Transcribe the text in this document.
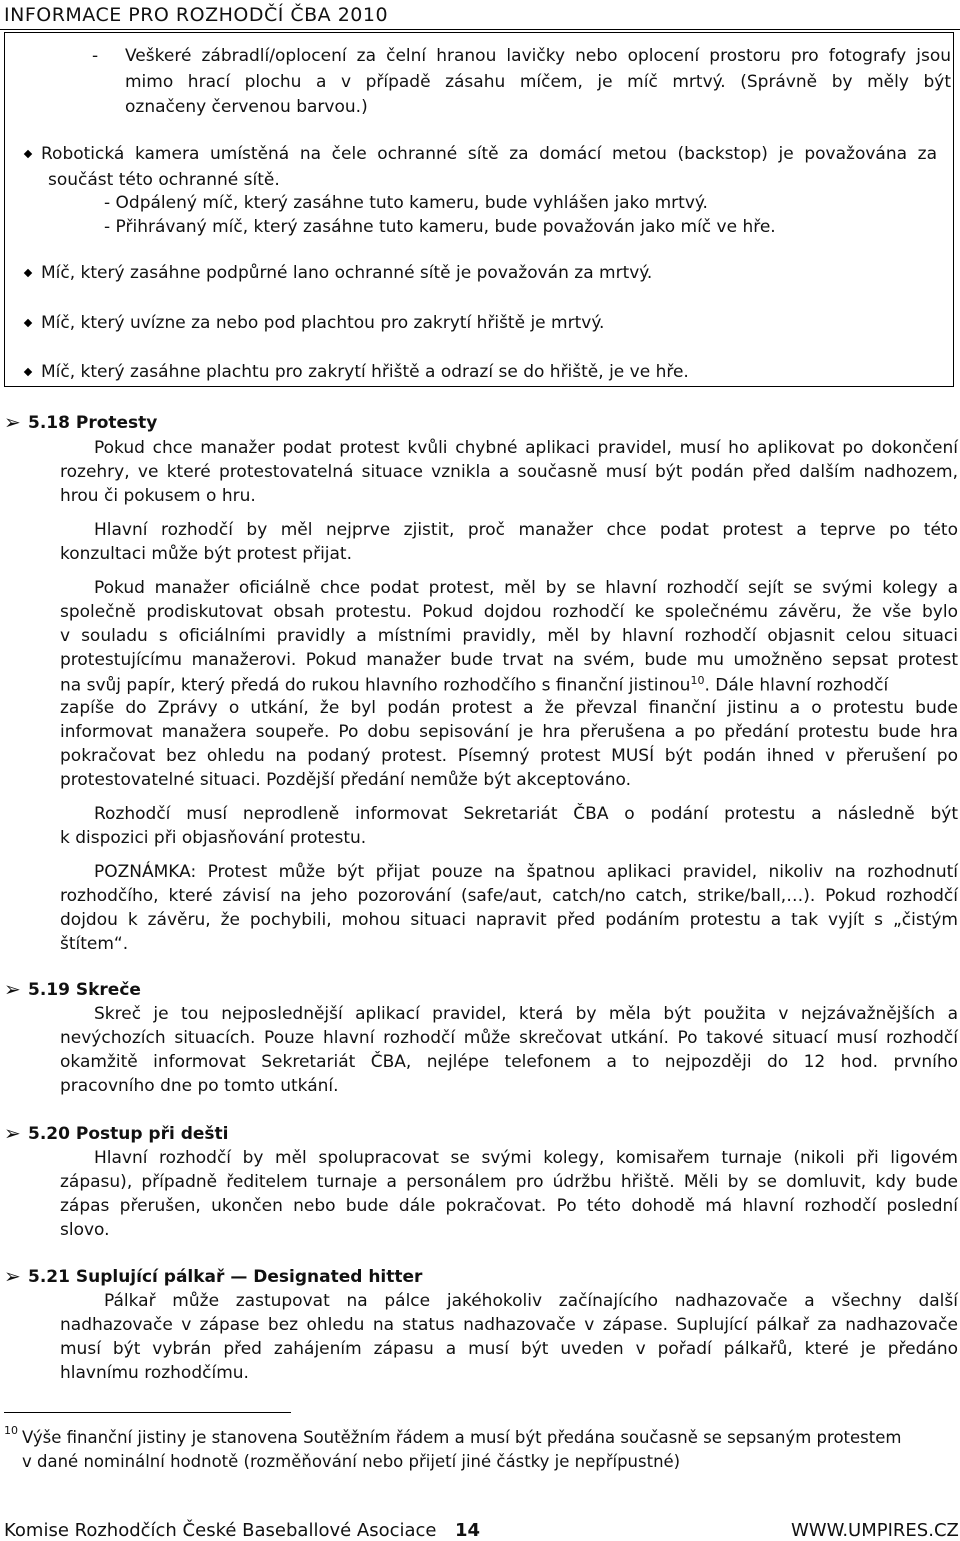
INFORMACE PRO ROZHODČÍ ČBA 2010
- Veškeré zábradlí/oplocení za čelní hranou lavičky nebo oplocení prostoru pro fotografy jsou
mimo hrací plochu a v případě zásahu míčem, je míč mrtvý. (Správně by měly být
označeny červenou barvou.)
Robotická kamera umístěná na čele ochranné sítě za domácí metou (backstop) je považována za
součást této ochranné sítě.
- Odpálený míč, který zasáhne tuto kameru, bude vyhlášen jako mrtvý.
- Přihrávaný míč, který zasáhne tuto kameru, bude považován jako míč ve hře.
Míč, který zasáhne podpůrné lano ochranné sítě je považován za mrtvý.
Míč, který uvízne za nebo pod plachtou pro zakrytí hřiště je mrtvý.
Míč, který zasáhne plachtu pro zakrytí hřiště a odrazí se do hřiště, je ve hře.
➢ 5.18 Protesty
Pokud chce manažer podat protest kvůli chybné aplikaci pravidel, musí ho aplikovat po dokončení
rozehry, ve které protestovatelná situace vznikla a současně musí být podán před dalším nadhozem,
hrou či pokusem o hru.
Hlavní rozhodčí by měl nejprve zjistit, proč manažer chce podat protest a teprve po této
konzultaci může být protest přijat.
Pokud manažer oficiálně chce podat protest, měl by se hlavní rozhodčí sejít se svými kolegy a
společně prodiskutovat obsah protestu. Pokud dojdou rozhodčí ke společnému závěru, že vše bylo
v souladu s oficiálními pravidly a místními pravidly, měl by hlavní rozhodčí objasnit celou situaci
protestujícímu manažerovi. Pokud manažer bude trvat na svém, bude mu umožněno sepsat protest
na svůj papír, který předá do rukou hlavního rozhodčího s finanční jistinou$^{10}$. Dále hlavní rozhodčí
zapíše do Zprávy o utkání, že byl podán protest a že převzal finanční jistinu a o protestu bude
informovat manažera soupeře. Po dobu sepisování je hra přerušena a po předání protestu bude hra
pokračovat bez ohledu na podaný protest. Písemný protest MUSÍ být podán ihned v přerušení po
protestovatelné situaci. Pozdější předání nemůže být akceptováno.
Rozhodčí musí neprodleně informovat Sekretariát ČBA o podání protestu a následně být
k dispozici při objasňování protestu.
POZNÁMKA: Protest může být přijat pouze na špatnou aplikaci pravidel, nikoliv na rozhodnutí
rozhodčího, které závisí na jeho pozorování (safe/aut, catch/no catch, strike/ball,…). Pokud rozhodčí
dojdou k závěru, že pochybili, mohou situaci napravit před podáním protestu a tak vyjít s „čistým
štítem“.
➢ 5.19 Skreče
Skreč je tou nejposlednější aplikací pravidel, která by měla být použita v nejzávažnějších a
nevýchozích situacích. Pouze hlavní rozhodčí může skrečovat utkání. Po takové situací musí rozhodčí
okamžitě informovat Sekretariát ČBA, nejlépe telefonem a to nejpozději do 12 hod. prvního
pracovního dne po tomto utkání.
➢ 5.20 Postup při dešti
Hlavní rozhodčí by měl spolupracovat se svými kolegy, komisařem turnaje (nikoli při ligovém
zápasu), případně ředitelem turnaje a personálem pro údržbu hřiště. Měli by se domluvit, kdy bude
zápas přerušen, ukončen nebo bude dále pokračovat. Po této dohodě má hlavní rozhodčí poslední
slovo.
➢ 5.21 Suplující pálkař — Designated hitter
Pálkař může zastupovat na pálce jakéhokoliv začínajícího nadhazovače a všechny další
nadhazovače v zápase bez ohledu na status nadhazovače v zápase. Suplující pálkař za nadhazovače
musí být vybrán před zahájením zápasu a musí být uveden v pořadí pálkařů, které je předáno
hlavnímu rozhodčímu.
10 Výše finanční jistiny je stanovena Soutěžním řádem a musí být předána současně se sepsaným protestem
v dané nominální hodnotě (rozměňování nebo přijetí jiné částky je nepřípustné)
Komise Rozhodčích České Baseballové Asociace 14	WWW.UMPIRES.CZ
